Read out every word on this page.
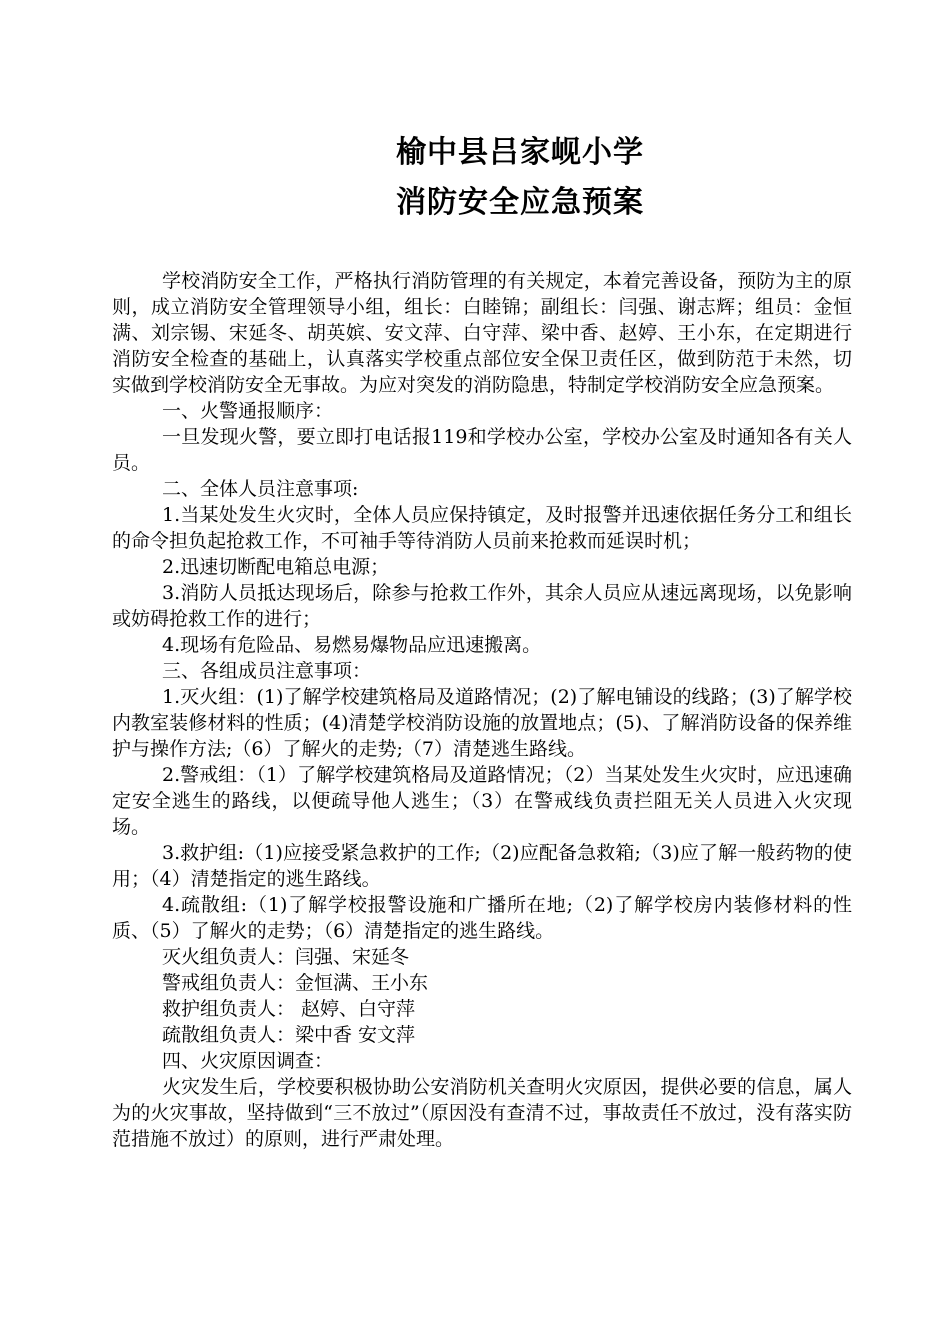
榆中县吕家岘小学
消防安全应急预案

学校消防安全工作，严格执行消防管理的有关规定，本着完善设备，预防为主的原则，成立消防安全管理领导小组，组长：白睦锦；副组长：闫强、谢志辉；组员：金恒满、刘宗锡、宋延冬、胡英嫔、安文萍、白守萍、梁中香、赵婷、王小东，在定期进行消防安全检查的基础上，认真落实学校重点部位安全保卫责任区，做到防范于未然，切实做到学校消防安全无事故。为应对突发的消防隐患，特制定学校消防安全应急预案。

一、火警通报顺序：

一旦发现火警，要立即打电话报119和学校办公室，学校办公室及时通知各有关人员。

二、全体人员注意事项:

1.当某处发生火灾时，全体人员应保持镇定，及时报警并迅速依据任务分工和组长的命令担负起抢救工作，不可袖手等待消防人员前来抢救而延误时机；

2.迅速切断配电箱总电源；

3.消防人员抵达现场后，除参与抢救工作外，其余人员应从速远离现场，以免影响或妨碍抢救工作的进行；

4.现场有危险品、易燃易爆物品应迅速搬离。

三、各组成员注意事项：

1.灭火组：(1)了解学校建筑格局及道路情况；(2)了解电铺设的线路；(3)了解学校内教室装修材料的性质；(4)清楚学校消防设施的放置地点；(5)、了解消防设备的保养维护与操作方法;（6）了解火的走势;（7）清楚逃生路线。

2.警戒组：（1）了解学校建筑格局及道路情况；（2）当某处发生火灾时，应迅速确定安全逃生的路线，以便疏导他人逃生；（3）在警戒线负责拦阻无关人员进入火灾现场。

3.救护组:（1)应接受紧急救护的工作;（2)应配备急救箱;（3)应了解一般药物的使用；（4）清楚指定的逃生路线。

4.疏散组:（1)了解学校报警设施和广播所在地;（2)了解学校房内装修材料的性质、（5）了解火的走势；（6）清楚指定的逃生路线。

灭火组负责人：闫强、宋延冬

警戒组负责人：金恒满、王小东

救护组负责人： 赵婷、白守萍

疏散组负责人：梁中香 安文萍

四、火灾原因调查：

火灾发生后，学校要积极协助公安消防机关查明火灾原因，提供必要的信息，属人为的火灾事故，坚持做到“三不放过”（原因没有查清不过，事故责任不放过，没有落实防范措施不放过）的原则，进行严肃处理。
